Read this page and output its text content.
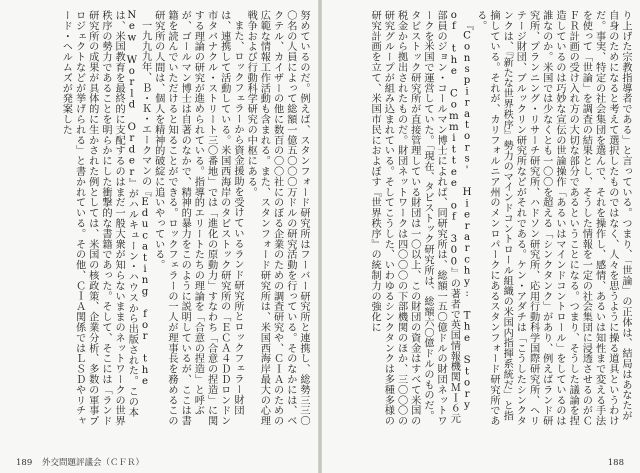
努めているのだ。例えば、スタンフォード研究所はフーバー研究所と連携し、総勢三三〇〇名の人員によって総額一億五〇〇〇万ドルの研究活動を行っている。そのなかには、ベクテル、カイザーの他に数百の〇〇社にのぼる企業のための調査研究や、ＣＩＡのための広範な情報工作活動も含まれる。また、スタンフォード研究所は、米国西海岸最大の心理戦争および行動科学研究の中枢にある。

また、ロックフェラーから資金援助を受けているランド研究所とロックフェラー財団は、連携して活動している。米国西海岸のタビストック研究所の「ＥＣＡ４ＤＤロンドン市タバナクル・ストリート三〇番地」では「進化の原動力」すなわち「合意の捏造」に関する理論の研究が進められている。指導的エリートたちの理論を「合意の捏造」と呼ぶが、ゴールマン博士は自著のなかで、精神的暴力をこのように説明しているが、ここは書籍を読んでいただけると知ることができる。ロックフェラーの一人が理事長を務めるこの研究所の人間は、個人を精神的破綻に追いやっている。

一九九九年、Ｂ・Ｋ・エークマンの『Educating for the New World Order』がハルキューン・ハウスから出版された。この本は、米国教育を最終的に支配するのはまだ一般大衆が知らないままのネットワークの世界秩序の勢力であることを明らかにした衝撃的な書籍であった。そして、そこには「ランド研究所の成果が具体的に生かされた例としては、米国の核政策、企業分析、多数の軍事プロジェクトなどが挙げられる」と書かれている。その他、ＣＩＡ関係ではＬＳＤやリチャード・ヘルムズが発案した

189 外交問題評議会（ＣＦＲ）

り上げた宗教指導者である」と言っている。つまり、「世論」の正体は、結局はあなたが自身のためになると考えて選択したものではなく、人々を思うように操る道具というわけだ。事実、特定の社会集団を選んで、それを操作し、感情、あるいは知性まで変える手法を使って「世論」を調査の結果とし、そうした情報を一定の社会集団に浸透させるのがＣＦＲ計画の受け入れ方の大切な部分であるということになる。つまり、そうした議論を捏造しているのは巧妙な宣伝の世論操作「あるいはマインドコントロール」をしているのは誰なのか。米国では少なくとも一〇〇を超える「シンクタンク」があり、例えばランド研究所、プランニング・リサーチ研究所、ハドソン研究所、応用行動科学国際研究所、ヘリテージ財団、ブルックリン研究所などがそれである。ケン・アダチは「こうしたシンクタンクは、『新たな世界秩序』勢力のマインドコントロール組織の米国内指揮系統だ」と指摘している。それが、カリフォルニア州のメンロパークにあるスタンフォード研究所である。

『Conspirators' Hierarchy: The Story of the Committee of 300』の著者で英国情報機関ＭＩ６元部員のジョン・コールマン博士によれば、同研究所は、総額一五〇億ドルの財団ネットワークを米国で運営していた。「現在、タビストック研究所は、総額六〇億ドルのものだ。タビストック研究所が直接管理している財団は一〇以上、この財団の資金はすべて米国の税金から拠出されたものだ。財団ネットワークは四〇〇〇の下部機関のほか、三〇〇〇の研究グループが組み込まれている。そしてこうした、いわゆるシンクタンクは多種多様の研究計画を立て、米国市民におよぼす『世界秩序』の統制力の強化に

188
